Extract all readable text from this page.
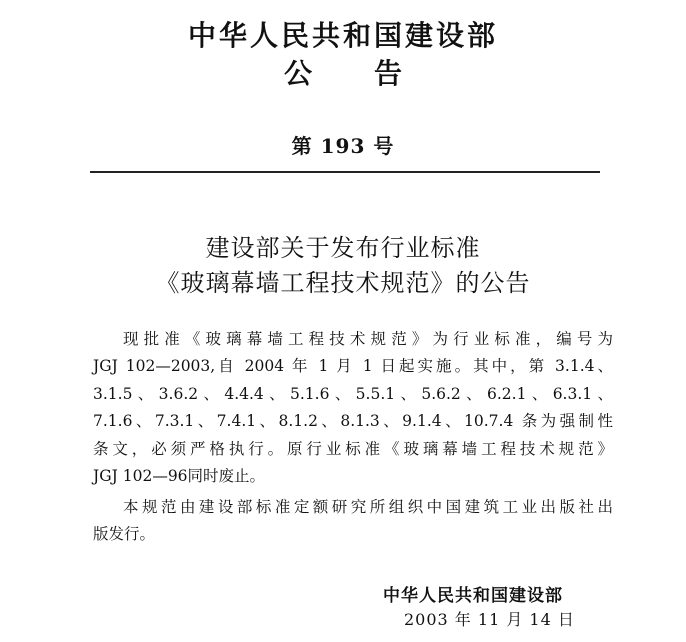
中华人民共和国建设部
公告
第 193 号
建设部关于发布行业标准
《玻璃幕墙工程技术规范》的公告
现批准《玻璃幕墙工程技术规范》为行业标准，编号为
JGJ 102—2003,自 2004 年 1 月 1 日起实施。其中，第 3.1.4、
3.1.5、3.6.2、4.4.4、5.1.6、5.5.1、5.6.2、6.2.1、6.3.1、
7.1.6、7.3.1、7.4.1、8.1.2、8.1.3、9.1.4、10.7.4 条为强制性
条文，必须严格执行。原行业标准《玻璃幕墙工程技术规范》
JGJ 102—96同时废止。
本规范由建设部标准定额研究所组织中国建筑工业出版社出
版发行。
中华人民共和国建设部
2003 年 11 月 14 日
